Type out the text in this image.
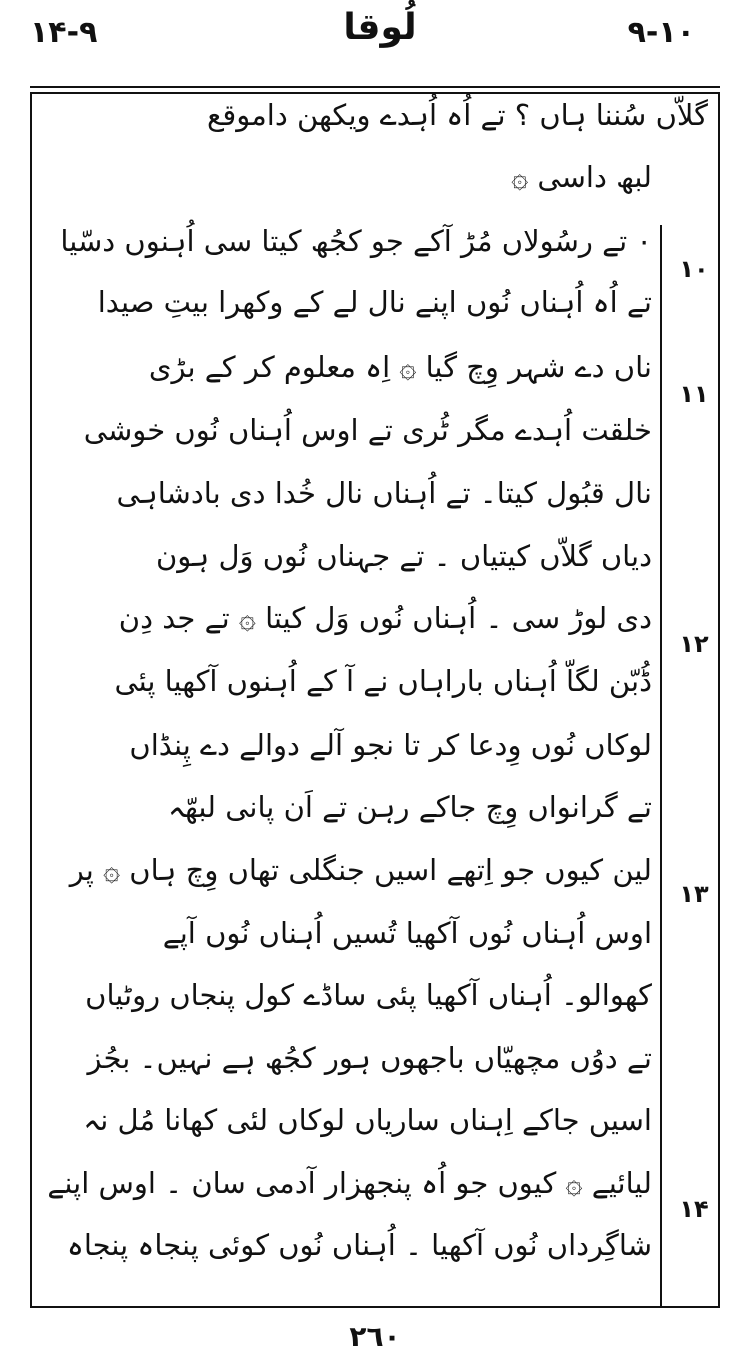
۱۴-۹	لُوقا	۹-۱۰
گلاّں سُننا ہاں ؟ تے اُہ اُہدے ویکھن داموقع
لبھ داسی ۞
۰ تے رسُولاں مُڑ آکے جو کجُھ کیتا سی اُہنوں دسّیا
تے اُہ اُہناں نُوں اپنے نال لے کے وکھرا بیتِ صیدا
ناں دے شہر وِچ گیا ۞ اِہ معلوم کر کے بڑی
خلقت اُہدے مگر ٹُری تے اوس اُہناں نُوں خوشی
نال قبُول کیتا۔ تے اُہناں نال خُدا دی بادشاہی
دیاں گلاّں کیتیاں ۔ تے جہناں نُوں وَل ہون
دی لوڑ سی ۔ اُہناں نُوں وَل کیتا ۞ تے جد دِن
ڈُبّن لگاّ اُہناں باراہاں نے آ کے اُہنوں آکھیا پئی
لوکاں نُوں وِدعا کر تا نجو آلے دوالے دے پِنڈاں
تے گرانواں وِچ جاکے رہن تے اَن پانی لبھّہ
لین کیوں جو اِتھے اسیں جنگلی تھاں وِچ ہاں ۞ پر
اوس اُہناں نُوں آکھیا تُسیں اُہناں نُوں آپے
کھوالو۔ اُہناں آکھیا پئی ساڈے کول پنجاں روٹیاں
تے دوُں مچھیّاں باجھوں ہور کجُھ ہے نہیں۔ بجُز
اسیں جاکے اِہناں ساریاں لوکاں لئی کھانا مُل نہ
لیائیے ۞ کیوں جو اُہ پنجھزار آدمی سان ۔ اوس اپنے
شاگِرداں نُوں آکھیا ۔ اُہناں نُوں کوئی پنجاہ پنجاہ
۱۰
۱۱
۱۲
۱۳
۱۴
۲٦٠
